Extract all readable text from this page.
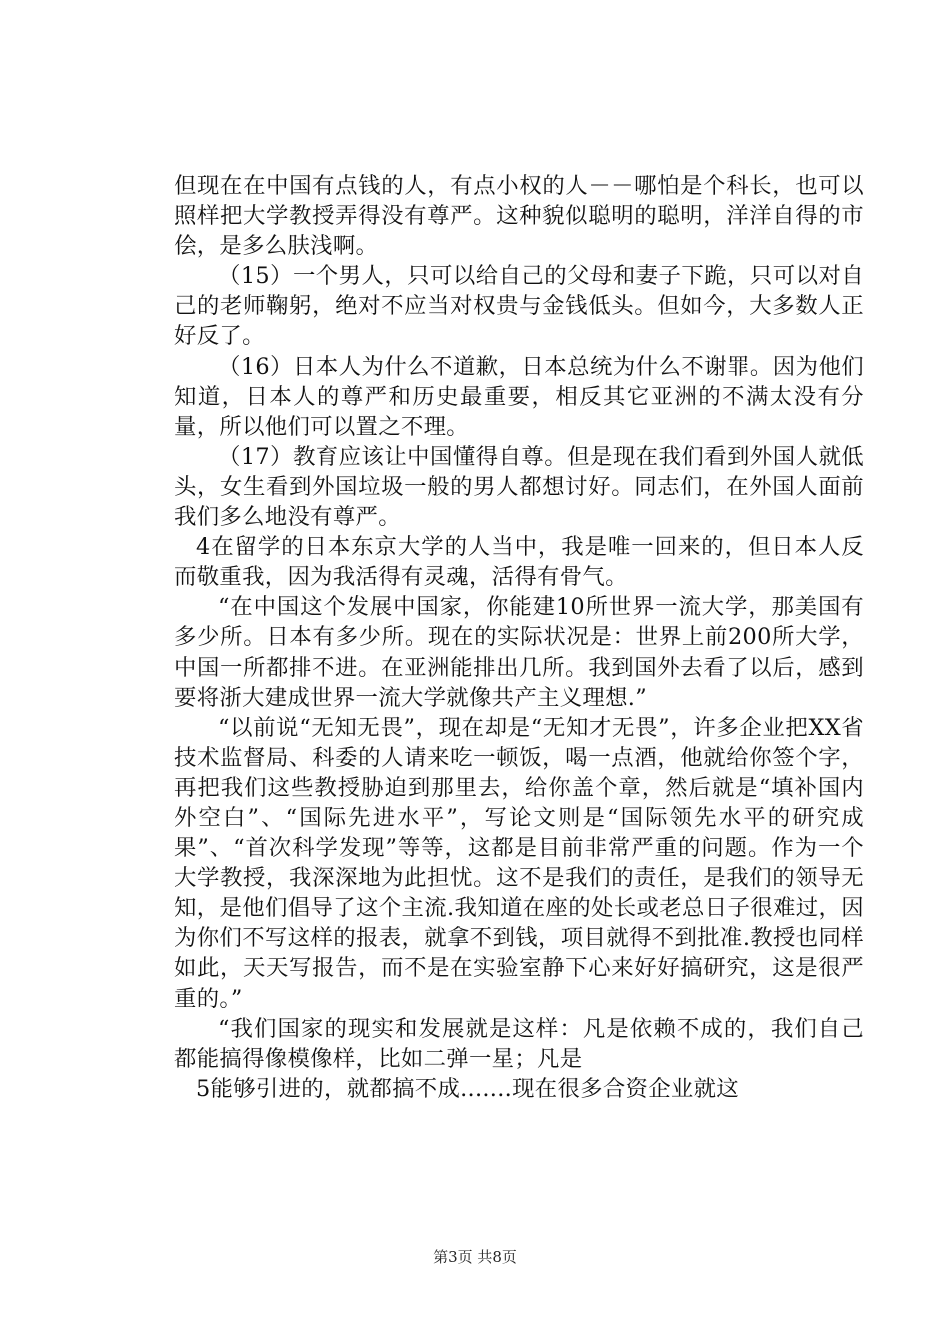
但现在在中国有点钱的人，有点小权的人－－哪怕是个科长，也可以照样把大学教授弄得没有尊严。这种貌似聪明的聪明，洋洋自得的市侩，是多么肤浅啊。

（15）一个男人，只可以给自己的父母和妻子下跪，只可以对自己的老师鞠躬，绝对不应当对权贵与金钱低头。但如今，大多数人正好反了。

（16）日本人为什么不道歉，日本总统为什么不谢罪。因为他们知道，日本人的尊严和历史最重要，相反其它亚洲的不满太没有分量，所以他们可以置之不理。

（17）教育应该让中国懂得自尊。但是现在我们看到外国人就低头，女生看到外国垃圾一般的男人都想讨好。同志们，在外国人面前我们多么地没有尊严。

4在留学的日本东京大学的人当中，我是唯一回来的，但日本人反而敬重我，因为我活得有灵魂，活得有骨气。

“在中国这个发展中国家，你能建10所世界一流大学，那美国有多少所。日本有多少所。现在的实际状况是：世界上前200所大学，中国一所都排不进。在亚洲能排出几所。我到国外去看了以后，感到要将浙大建成世界一流大学就像共产主义理想.”

“以前说“无知无畏”，现在却是“无知才无畏”，许多企业把XX省技术监督局、科委的人请来吃一顿饭，喝一点酒，他就给你签个字，再把我们这些教授胁迫到那里去，给你盖个章，然后就是“填补国内外空白”、“国际先进水平”，写论文则是“国际领先水平的研究成果”、“首次科学发现”等等，这都是目前非常严重的问题。作为一个大学教授，我深深地为此担忧。这不是我们的责任，是我们的领导无知，是他们倡导了这个主流.我知道在座的处长或老总日子很难过，因为你们不写这样的报表，就拿不到钱，项目就得不到批准.教授也同样如此，天天写报告，而不是在实验室静下心来好好搞研究，这是很严重的。”

“我们国家的现实和发展就是这样：凡是依赖不成的，我们自己都能搞得像模像样，比如二弹一星；凡是

5能够引进的，就都搞不成.......现在很多合资企业就这

第3页 共8页
